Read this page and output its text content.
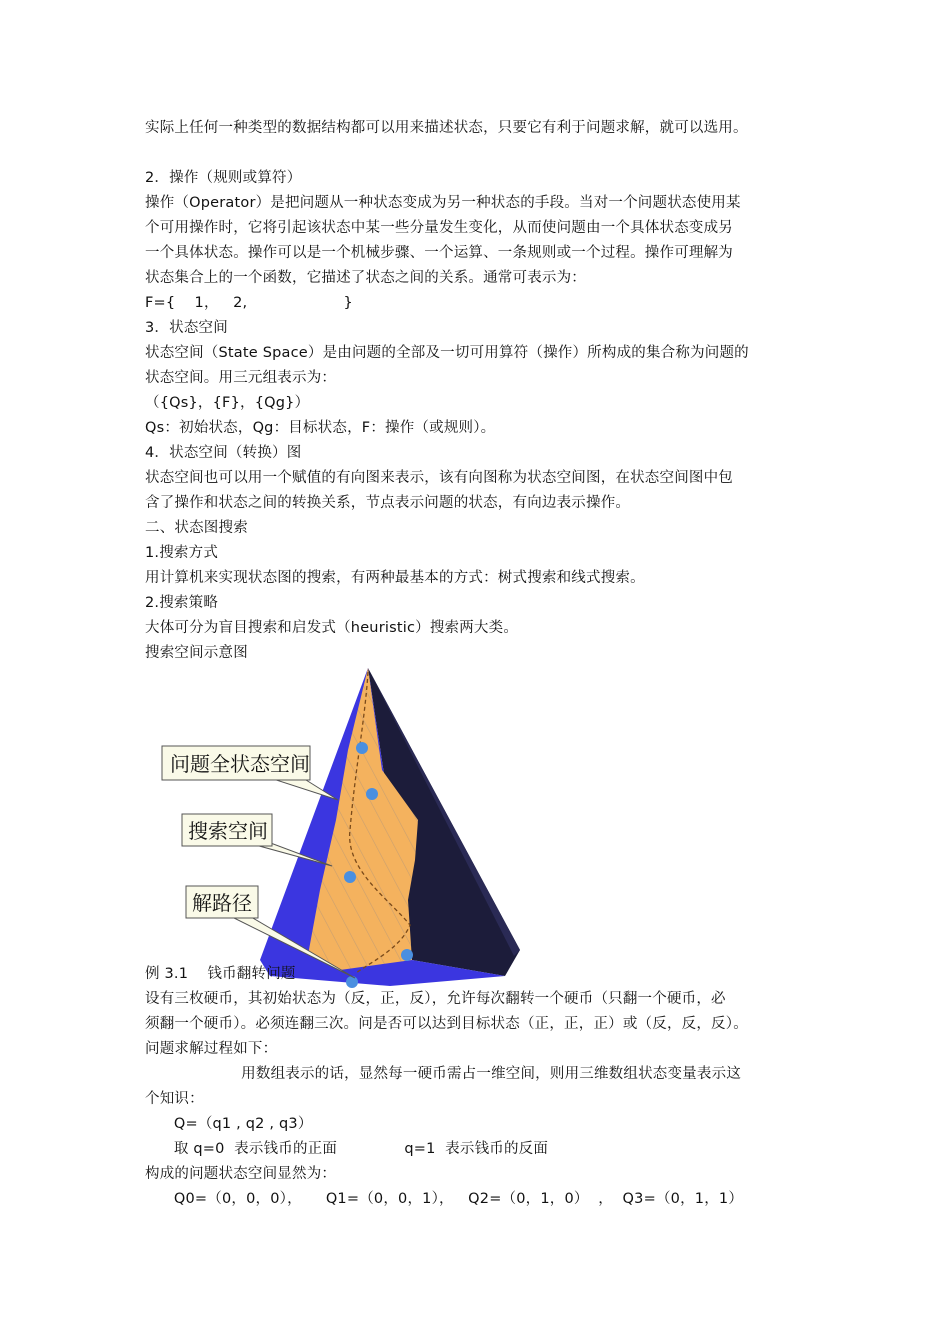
实际上任何一种类型的数据结构都可以用来描述状态，只要它有利于问题求解，就可以选用。
2．操作（规则或算符）
操作（Operator）是把问题从一种状态变成为另一种状态的手段。当对一个问题状态使用某
个可用操作时，它将引起该状态中某一些分量发生变化，从而使问题由一个具体状态变成另
一个具体状态。操作可以是一个机械步骤、一个运算、一条规则或一个过程。操作可理解为
状态集合上的一个函数，它描述了状态之间的关系。通常可表示为：
F={    1，   2,                    }
3．状态空间
状态空间（State Space）是由问题的全部及一切可用算符（操作）所构成的集合称为问题的
状态空间。用三元组表示为：
（{Qs}，{F}，{Qg}）
Qs：初始状态，Qg：目标状态，F：操作（或规则）。
4．状态空间（转换）图
状态空间也可以用一个赋值的有向图来表示，该有向图称为状态空间图，在状态空间图中包
含了操作和状态之间的转换关系，节点表示问题的状态，有向边表示操作。
二、状态图搜索
1.搜索方式
用计算机来实现状态图的搜索，有两种最基本的方式：树式搜索和线式搜索。
2.搜索策略
大体可分为盲目搜索和启发式（heuristic）搜索两大类。
搜索空间示意图
问题全状态空间
搜索空间
解路径
例 3.1    钱币翻转问题
设有三枚硬币，其初始状态为（反，正，反），允许每次翻转一个硬币（只翻一个硬币，必
须翻一个硬币）。必须连翻三次。问是否可以达到目标状态（正，正，正）或（反，反，反）。
问题求解过程如下：
用数组表示的话，显然每一硬币需占一维空间，则用三维数组状态变量表示这
个知识：
Q=（q1 , q2 , q3）
取 q=0  表示钱币的正面              q=1  表示钱币的反面
构成的问题状态空间显然为：
Q0=（0，0，0），     Q1=（0，0，1），   Q2=（0，1，0）  ，  Q3=（0，1，1）
